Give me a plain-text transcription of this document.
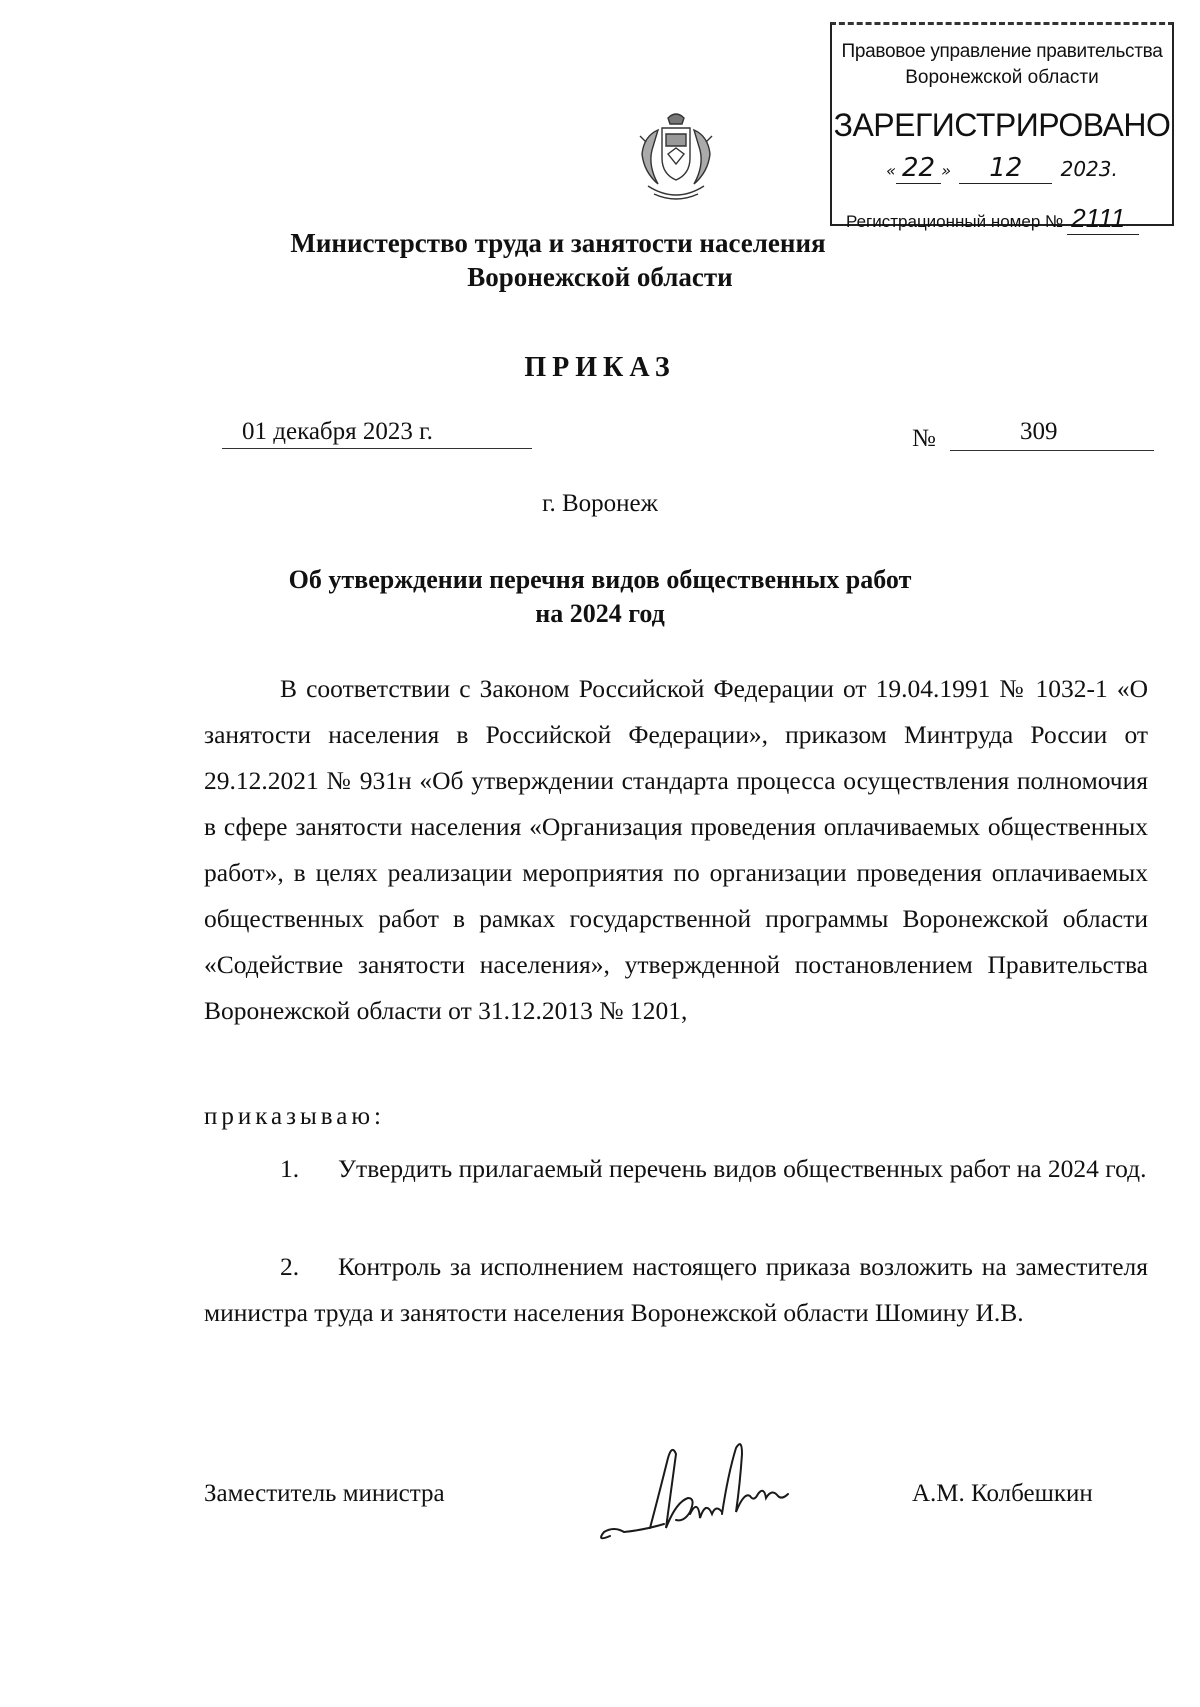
Правовое управление правительства
Воронежской области
ЗАРЕГИСТРИРОВАНО
« 22 » 12 2023.
Регистрационный номер № 2111
Министерство труда и занятости населения
Воронежской области
ПРИКАЗ
01 декабря 2023 г.	№	309
г. Воронеж
Об утверждении перечня видов общественных работ
на 2024 год
В соответствии с Законом Российской Федерации от 19.04.1991 № 1032-1 «О занятости населения в Российской Федерации», приказом Минтруда России от 29.12.2021 № 931н «Об утверждении стандарта процесса осуществления полномочия в сфере занятости населения «Организация проведения оплачиваемых общественных работ», в целях реализации мероприятия по организации проведения оплачиваемых общественных работ в рамках государственной программы Воронежской области «Содействие занятости населения», утвержденной постановлением Правительства Воронежской области от 31.12.2013 № 1201,
приказываю:
1. Утвердить прилагаемый перечень видов общественных работ на 2024 год.
2. Контроль за исполнением настоящего приказа возложить на заместителя министра труда и занятости населения Воронежской области Шомину И.В.
Заместитель министра	А.М. Колбешкин
